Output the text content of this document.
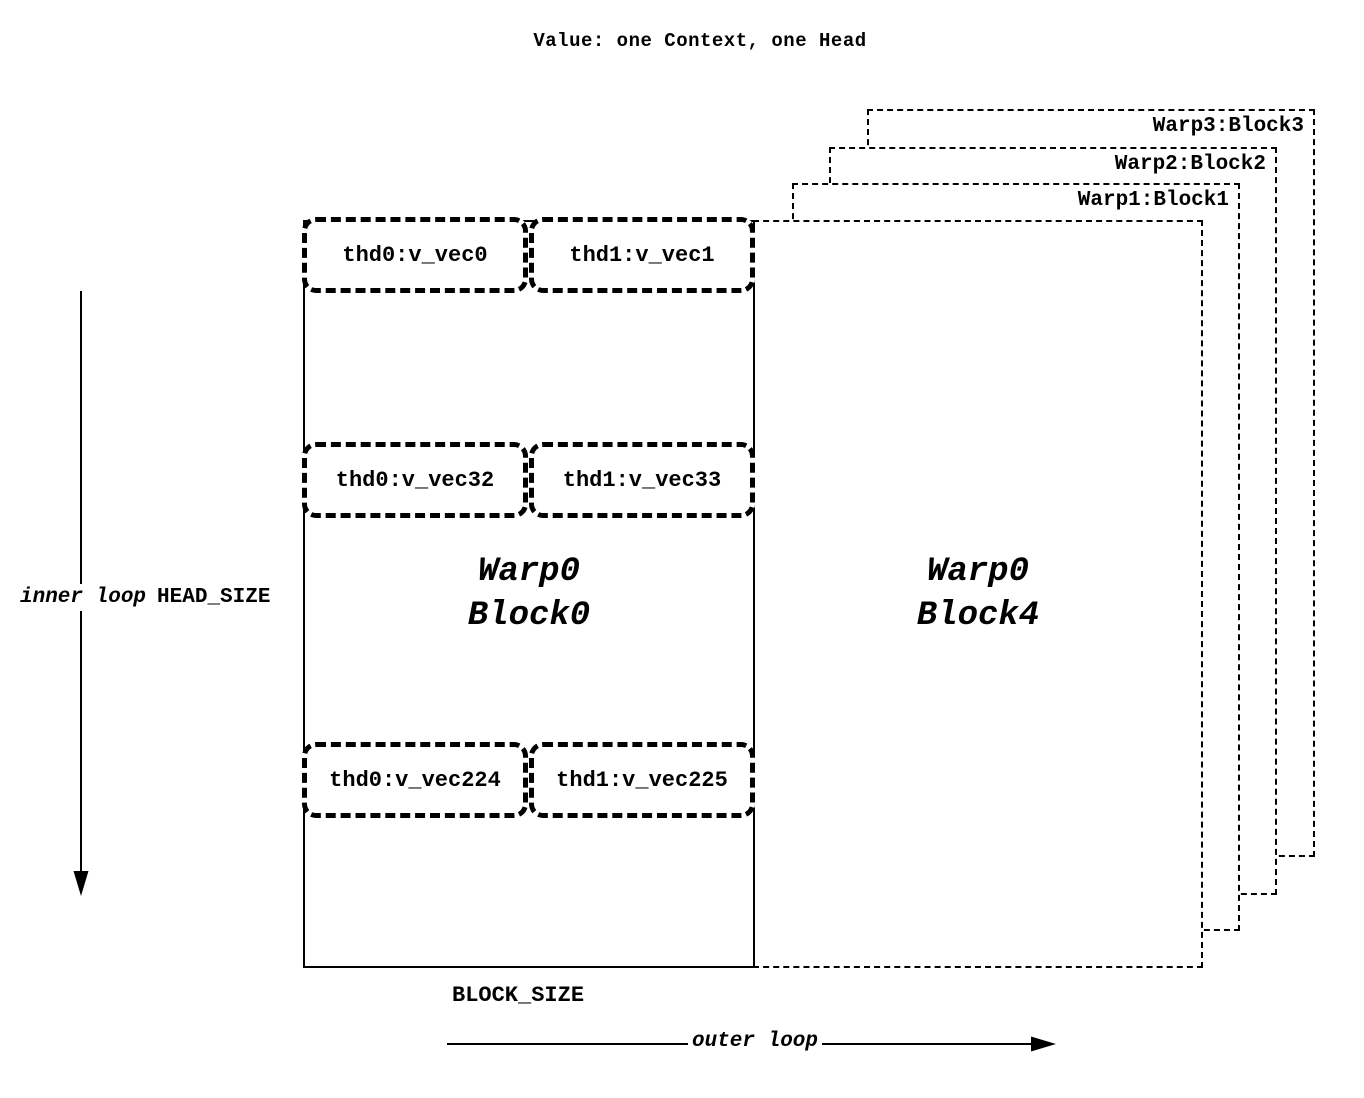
Value: one Context, one Head
Warp3:Block3
Warp2:Block2
Warp1:Block1
Warp0
Block4
Warp0
Block0
thd0:v_vec0	thd1:v_vec1
thd0:v_vec32	thd1:v_vec33
thd0:v_vec224	thd1:v_vec225
inner loop HEAD_SIZE
BLOCK_SIZE
outer loop
